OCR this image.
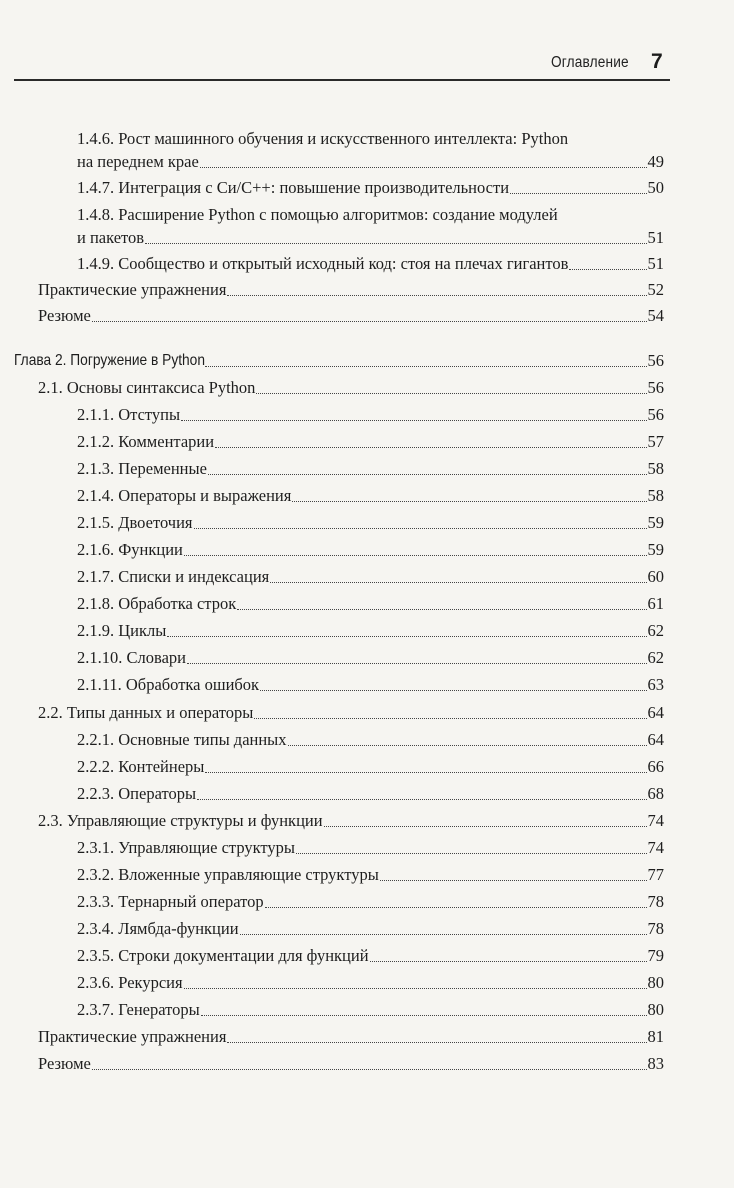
Оглавление 7
1.4.6. Рост машинного обучения и искусственного интеллекта: Python
на переднем крае	49
1.4.7. Интеграция с Си/С++: повышение производительности	50
1.4.8. Расширение Python с помощью алгоритмов: создание модулей
и пакетов	51
1.4.9. Сообщество и открытый исходный код: стоя на плечах гигантов	51
Практические упражнения	52
Резюме	54
Глава 2. Погружение в Python	56
2.1. Основы синтаксиса Python	56
2.1.1. Отступы	56
2.1.2. Комментарии	57
2.1.3. Переменные	58
2.1.4. Операторы и выражения	58
2.1.5. Двоеточия	59
2.1.6. Функции	59
2.1.7. Списки и индексация	60
2.1.8. Обработка строк	61
2.1.9. Циклы	62
2.1.10. Словари	62
2.1.11. Обработка ошибок	63
2.2. Типы данных и операторы	64
2.2.1. Основные типы данных	64
2.2.2. Контейнеры	66
2.2.3. Операторы	68
2.3. Управляющие структуры и функции	74
2.3.1. Управляющие структуры	74
2.3.2. Вложенные управляющие структуры	77
2.3.3. Тернарный оператор	78
2.3.4. Лямбда-функции	78
2.3.5. Строки документации для функций	79
2.3.6. Рекурсия	80
2.3.7. Генераторы	80
Практические упражнения	81
Резюме	83
